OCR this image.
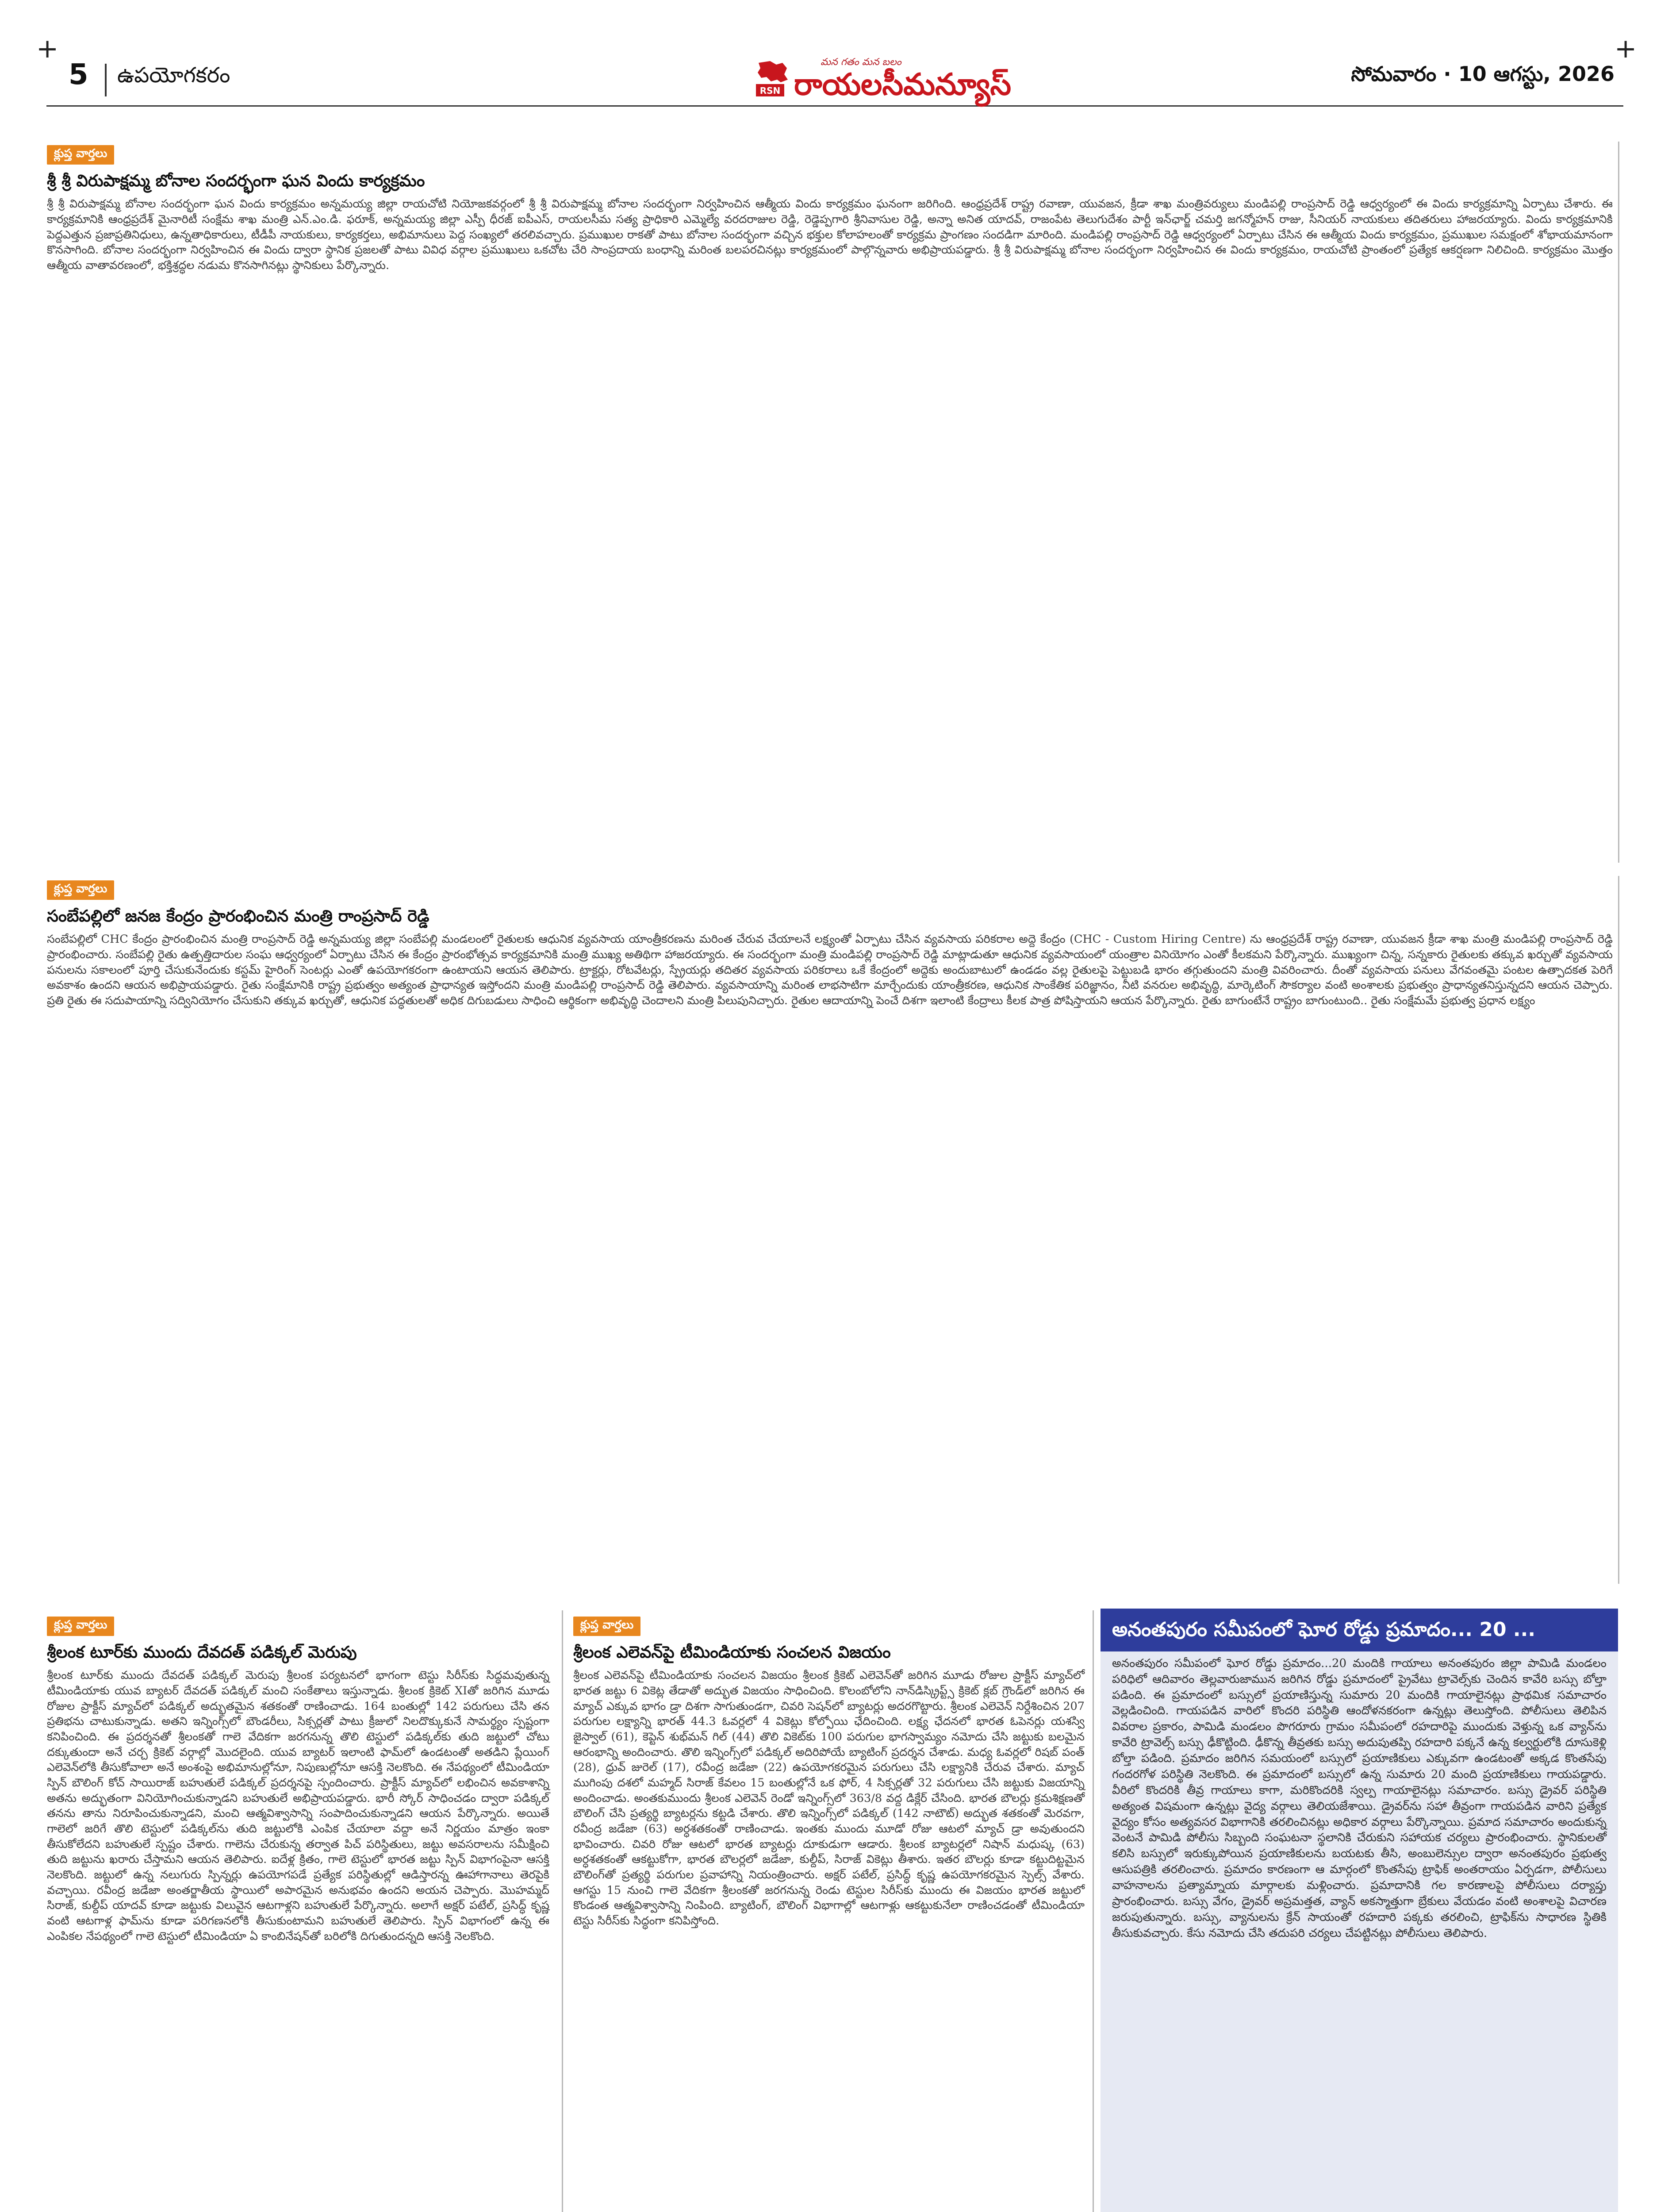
+	+
5 ఉపయోగకరం
RSN
మన గతం మన బలం
రాయలసీమన్యూస్	సోమవారం · 10 ఆగస్టు, 2026
క్లుప్త వార్తలు
శ్రీ శ్రీ విరుపాక్షమ్మ బోనాల సందర్భంగా ఘన విందు కార్యక్రమం

శ్రీ శ్రీ విరుపాక్షమ్మ బోనాల సందర్భంగా ఘన విందు కార్యక్రమం అన్నమయ్య జిల్లా రాయచోటి నియోజకవర్గంలో శ్రీ శ్రీ విరుపాక్షమ్మ బోనాల సందర్భంగా నిర్వహించిన ఆత్మీయ విందు కార్యక్రమం ఘనంగా జరిగింది. ఆంధ్రప్రదేశ్ రాష్ట్ర రవాణా, యువజన, క్రీడా శాఖ మంత్రివర్యులు మండిపల్లి రాంప్రసాద్ రెడ్డి ఆధ్వర్యంలో ఈ విందు కార్యక్రమాన్ని ఏర్పాటు చేశారు. ఈ కార్యక్రమానికి ఆంధ్రప్రదేశ్ మైనారిటీ సంక్షేమ శాఖ మంత్రి ఎన్.ఎం.డి. ఫరూక్, అన్నమయ్య జిల్లా ఎస్పీ ధీరజ్ ఐపీఎస్, రాయలసీమ సత్య ప్రాధికారి ఎమ్మెల్యే వరదరాజుల రెడ్డి, రెడ్డెప్పగారి శ్రీనివాసుల రెడ్డి, అన్నా అనిత యాదవ్, రాజంపేట తెలుగుదేశం పార్టీ ఇన్‌ఛార్జ్ చమర్తి జగన్మోహన్ రాజు, సీనియర్ నాయకులు తదితరులు హాజరయ్యారు. విందు కార్యక్రమానికి పెద్దఎత్తున ప్రజాప్రతినిధులు, ఉన్నతాధికారులు, టీడీపీ నాయకులు, కార్యకర్తలు, అభిమానులు పెద్ద సంఖ్యలో తరలివచ్చారు. ప్రముఖుల రాకతో పాటు బోనాల సందర్భంగా వచ్చిన భక్తుల కోలాహలంతో కార్యక్రమ ప్రాంగణం సందడిగా మారింది. మండిపల్లి రాంప్రసాద్ రెడ్డి ఆధ్వర్యంలో ఏర్పాటు చేసిన ఈ ఆత్మీయ విందు కార్యక్రమం, ప్రముఖుల సమక్షంలో శోభాయమానంగా కొనసాగింది. బోనాల సందర్భంగా నిర్వహించిన ఈ విందు ద్వారా స్థానిక ప్రజలతో పాటు వివిధ వర్గాల ప్రముఖులు ఒకచోట చేరి సాంప్రదాయ బంధాన్ని మరింత బలపరచినట్లు కార్యక్రమంలో పాల్గొన్నవారు అభిప్రాయపడ్డారు. శ్రీ శ్రీ విరుపాక్షమ్మ బోనాల సందర్భంగా నిర్వహించిన ఈ విందు కార్యక్రమం, రాయచోటి ప్రాంతంలో ప్రత్యేక ఆకర్షణగా నిలిచింది. కార్యక్రమం మొత్తం ఆత్మీయ వాతావరణంలో, భక్తిశ్రద్ధల నడుమ కొనసాగినట్లు స్థానికులు పేర్కొన్నారు.

క్లుప్త వార్తలు
సంబేపల్లిలో జనజ కేంద్రం ప్రారంభించిన మంత్రి రాంప్రసాద్ రెడ్డి

సంబేపల్లిలో CHC కేంద్రం ప్రారంభించిన మంత్రి రాంప్రసాద్ రెడ్డి అన్నమయ్య జిల్లా సంబేపల్లి మండలంలో రైతులకు ఆధునిక వ్యవసాయ యాంత్రీకరణను మరింత చేరువ చేయాలనే లక్ష్యంతో ఏర్పాటు చేసిన వ్యవసాయ పరికరాల అద్దె కేంద్రం (CHC - Custom Hiring Centre) ను ఆంధ్రప్రదేశ్ రాష్ట్ర రవాణా, యువజన క్రీడా శాఖ మంత్రి మండిపల్లి రాంప్రసాద్ రెడ్డి ప్రారంభించారు. సంబేపల్లి రైతు ఉత్పత్తిదారుల సంఘ ఆధ్వర్యంలో ఏర్పాటు చేసిన ఈ కేంద్రం ప్రారంభోత్సవ కార్యక్రమానికి మంత్రి ముఖ్య అతిథిగా హాజరయ్యారు. ఈ సందర్భంగా మంత్రి మండిపల్లి రాంప్రసాద్ రెడ్డి మాట్లాడుతూ ఆధునిక వ్యవసాయంలో యంత్రాల వినియోగం ఎంతో కీలకమని పేర్కొన్నారు. ముఖ్యంగా చిన్న, సన్నకారు రైతులకు తక్కువ ఖర్చుతో వ్యవసాయ పనులను సకాలంలో పూర్తి చేసుకునేందుకు కస్టమ్ హైరింగ్ సెంటర్లు ఎంతో ఉపయోగకరంగా ఉంటాయని ఆయన తెలిపారు. ట్రాక్టర్లు, రోటవేటర్లు, స్ప్రేయర్లు తదితర వ్యవసాయ పరికరాలు ఒకే కేంద్రంలో అద్దెకు అందుబాటులో ఉండడం వల్ల రైతులపై పెట్టుబడి భారం తగ్గుతుందని మంత్రి వివరించారు. దీంతో వ్యవసాయ పనులు వేగవంతమై పంటల ఉత్పాదకత పెరిగే అవకాశం ఉందని ఆయన అభిప్రాయపడ్డారు. రైతు సంక్షేమానికి రాష్ట్ర ప్రభుత్వం అత్యంత ప్రాధాన్యత ఇస్తోందని మంత్రి మండిపల్లి రాంప్రసాద్ రెడ్డి తెలిపారు. వ్యవసాయాన్ని మరింత లాభసాటిగా మార్చేందుకు యాంత్రీకరణ, ఆధునిక సాంకేతిక పరిజ్ఞానం, నీటి వనరుల అభివృద్ధి, మార్కెటింగ్ సౌకర్యాల వంటి అంశాలకు ప్రభుత్వం ప్రాధాన్యతనిస్తున్నదని ఆయన చెప్పారు. ప్రతి రైతు ఈ సదుపాయాన్ని సద్వినియోగం చేసుకుని తక్కువ ఖర్చుతో, ఆధునిక పద్ధతులతో అధిక దిగుబడులు సాధించి ఆర్థికంగా అభివృద్ధి చెందాలని మంత్రి పిలుపునిచ్చారు. రైతుల ఆదాయాన్ని పెంచే దిశగా ఇలాంటి కేంద్రాలు కీలక పాత్ర పోషిస్తాయని ఆయన పేర్కొన్నారు. రైతు బాగుంటేనే రాష్ట్రం బాగుంటుంది.. రైతు సంక్షేమమే ప్రభుత్వ ప్రధాన లక్ష్యం

క్లుప్త వార్తలు
శ్రీలంక టూర్‌కు ముందు దేవదత్ పడిక్కల్ మెరుపు

శ్రీలంక టూర్‌కు ముందు దేవదత్ పడిక్కల్ మెరుపు శ్రీలంక పర్యటనలో భాగంగా టెస్టు సిరీస్‌కు సిద్ధమవుతున్న టీమిండియాకు యువ బ్యాటర్ దేవదత్ పడిక్కల్ మంచి సంకేతాలు ఇస్తున్నాడు. శ్రీలంక క్రికెట్ XIతో జరిగిన మూడు రోజుల ప్రాక్టీస్ మ్యాచ్‌లో పడిక్కల్ అద్భుతమైన శతకంతో రాణించాడు. 164 బంతుల్లో 142 పరుగులు చేసి తన ప్రతిభను చాటుకున్నాడు. అతని ఇన్నింగ్స్‌లో బౌండరీలు, సిక్సర్లతో పాటు క్రీజులో నిలదొక్కుకునే సామర్థ్యం స్పష్టంగా కనిపించింది. ఈ ప్రదర్శనతో శ్రీలంకతో గాలె వేదికగా జరగనున్న తొలి టెస్టులో పడిక్కల్‌కు తుది జట్టులో చోటు దక్కుతుందా అనే చర్చ క్రికెట్ వర్గాల్లో మొదలైంది. యువ బ్యాటర్ ఇలాంటి ఫామ్‌లో ఉండటంతో అతడిని ప్లేయింగ్ ఎలెవెన్‌లోకి తీసుకోవాలా అనే అంశంపై అభిమానుల్లోనూ, నిపుణుల్లోనూ ఆసక్తి నెలకొంది. ఈ నేపథ్యంలో టీమిండియా స్పిన్ బౌలింగ్ కోచ్ సాయిరాజ్ బహుతులే పడిక్కల్ ప్రదర్శనపై స్పందించారు. ప్రాక్టీస్ మ్యాచ్‌లో లభించిన అవకాశాన్ని అతను అద్భుతంగా వినియోగించుకున్నాడని బహుతులే అభిప్రాయపడ్డారు. భారీ స్కోర్ సాధించడం ద్వారా పడిక్కల్ తనను తాను నిరూపించుకున్నాడని, మంచి ఆత్మవిశ్వాసాన్ని సంపాదించుకున్నాడని ఆయన పేర్కొన్నారు. అయితే గాలెలో జరిగే తొలి టెస్టులో పడిక్కల్‌ను తుది జట్టులోకి ఎంపిక చేయాలా వద్దా అనే నిర్ణయం మాత్రం ఇంకా తీసుకోలేదని బహుతులే స్పష్టం చేశారు. గాలెను చేరుకున్న తర్వాత పిచ్ పరిస్థితులు, జట్టు అవసరాలను సమీక్షించి తుది జట్టును ఖరారు చేస్తామని ఆయన తెలిపారు. ఐదేళ్ల క్రితం, గాలె టెస్టులో భారత జట్టు స్పిన్ విభాగంపైనా ఆసక్తి నెలకొంది. జట్టులో ఉన్న నలుగురు స్పిన్నర్లు ఉపయోగపడే ప్రత్యేక పరిస్థితుల్లో ఆడిస్తారన్న ఊహాగానాలు తెరపైకి వచ్చాయి. రవీంద్ర జడేజా అంతర్జాతీయ స్థాయిలో అపారమైన అనుభవం ఉందని అయన చెప్పారు. మొహమ్మద్ సిరాజ్, కుల్దీప్ యాదవ్ కూడా జట్టుకు విలువైన ఆటగాళ్లని బహుతులే పేర్కొన్నారు. అలాగే అక్షర్ పటేల్, ప్రసిద్ధ్ కృష్ణ వంటి ఆటగాళ్ల ఫామ్‌ను కూడా పరిగణనలోకి తీసుకుంటామని బహుతులే తెలిపారు. స్పిన్ విభాగంలో ఉన్న ఈ ఎంపికల నేపథ్యంలో గాలె టెస్టులో టీమిండియా ఏ కాంబినేషన్‌తో బరిలోకి దిగుతుందన్నది ఆసక్తి నెలకొంది.

క్లుప్త వార్తలు
శ్రీలంక ఎలెవన్‌పై టీమిండియాకు సంచలన విజయం

శ్రీలంక ఎలెవన్‌పై టీమిండియాకు సంచలన విజయం శ్రీలంక క్రికెట్ ఎలెవెన్‌తో జరిగిన మూడు రోజుల ప్రాక్టీస్ మ్యాచ్‌లో భారత జట్టు 6 వికెట్ల తేడాతో అద్భుత విజయం సాధించింది. కొలంబోలోని నాన్‌డిస్క్రిప్ట్స్ క్రికెట్ క్లబ్ గ్రౌండ్‌లో జరిగిన ఈ మ్యాచ్ ఎక్కువ భాగం డ్రా దిశగా సాగుతుండగా, చివరి సెషన్‌లో బ్యాటర్లు అదరగొట్టారు. శ్రీలంక ఎలెవెన్ నిర్దేశించిన 207 పరుగుల లక్ష్యాన్ని భారత్ 44.3 ఓవర్లలో 4 వికెట్లు కోల్పోయి ఛేదించింది. లక్ష్య ఛేదనలో భారత ఓపెనర్లు యశస్వి జైస్వాల్ (61), కెప్టెన్ శుభ్‌మన్ గిల్ (44) తొలి వికెట్‌కు 100 పరుగుల భాగస్వామ్యం నమోదు చేసి జట్టుకు బలమైన ఆరంభాన్ని అందించారు. తొలి ఇన్నింగ్స్‌లో పడిక్కల్ అదిరిపోయే బ్యాటింగ్ ప్రదర్శన చేశాడు. మధ్య ఓవర్లలో రిషబ్ పంత్ (28), ధ్రువ్ జురెల్ (17), రవీంద్ర జడేజా (22) ఉపయోగకరమైన పరుగులు చేసి లక్ష్యానికి చేరువ చేశారు. మ్యాచ్ ముగింపు దశలో మహ్మద్ సిరాజ్ కేవలం 15 బంతుల్లోనే ఒక ఫోర్, 4 సిక్సర్లతో 32 పరుగులు చేసి జట్టుకు విజయాన్ని అందించాడు. అంతకుముందు శ్రీలంక ఎలెవెన్ రెండో ఇన్నింగ్స్‌లో 363/8 వద్ద డిక్లేర్ చేసింది. భారత బౌలర్లు క్రమశిక్షణతో బౌలింగ్ చేసి ప్రత్యర్థి బ్యాటర్లను కట్టడి చేశారు. తొలి ఇన్నింగ్స్‌లో పడిక్కల్ (142 నాటౌట్) అద్భుత శతకంతో మెరవగా, రవీంద్ర జడేజా (63) అర్ధశతకంతో రాణించాడు. ఇంతకు ముందు మూడో రోజు ఆటలో మ్యాచ్ డ్రా అవుతుందని భావించారు. చివరి రోజు ఆటలో భారత బ్యాటర్లు దూకుడుగా ఆడారు. శ్రీలంక బ్యాటర్లలో నిషాన్ మధుష్క (63) అర్ధశతకంతో ఆకట్టుకోగా, భారత బౌలర్లలో జడేజా, కుల్దీప్, సిరాజ్ వికెట్లు తీశారు. ఇతర బౌలర్లు కూడా కట్టుదిట్టమైన బౌలింగ్‌తో ప్రత్యర్థి పరుగుల ప్రవాహాన్ని నియంత్రించారు. అక్షర్ పటేల్, ప్రసిద్ధ్ కృష్ణ ఉపయోగకరమైన స్పెల్స్ వేశారు. ఆగస్టు 15 నుంచి గాలె వేదికగా శ్రీలంకతో జరగనున్న రెండు టెస్టుల సిరీస్‌కు ముందు ఈ విజయం భారత జట్టులో కొండంత ఆత్మవిశ్వాసాన్ని నింపింది. బ్యాటింగ్, బౌలింగ్ విభాగాల్లో ఆటగాళ్లు ఆకట్టుకునేలా రాణించడంతో టీమిండియా టెస్టు సిరీస్‌కు సిద్ధంగా కనిపిస్తోంది.

అనంతపురం సమీపంలో ఘోర రోడ్డు ప్రమాదం... 20 ...

అనంతపురం సమీపంలో ఘోర రోడ్డు ప్రమాదం...20 మందికి గాయాలు అనంతపురం జిల్లా పామిడి మండలం పరిధిలో ఆదివారం తెల్లవారుజామున జరిగిన రోడ్డు ప్రమాదంలో ప్రైవేటు ట్రావెల్స్‌కు చెందిన కావేరి బస్సు బోల్తా పడింది. ఈ ప్రమాదంలో బస్సులో ప్రయాణిస్తున్న సుమారు 20 మందికి గాయాలైనట్లు ప్రాథమిక సమాచారం వెల్లడించింది. గాయపడిన వారిలో కొందరి పరిస్థితి ఆందోళనకరంగా ఉన్నట్లు తెలుస్తోంది. పోలీసులు తెలిపిన వివరాల ప్రకారం, పామిడి మండలం పొగరూరు గ్రామం సమీపంలో రహదారిపై ముందుకు వెళ్తున్న ఒక వ్యాన్‌ను కావేరి ట్రావెల్స్ బస్సు ఢీకొట్టింది. ఢీకొన్న తీవ్రతకు బస్సు అదుపుతప్పి రహదారి పక్కనే ఉన్న కల్వర్టులోకి దూసుకెళ్లి బోల్తా పడింది. ప్రమాదం జరిగిన సమయంలో బస్సులో ప్రయాణికులు ఎక్కువగా ఉండటంతో అక్కడ కొంతసేపు గందరగోళ పరిస్థితి నెలకొంది. ఈ ప్రమాదంలో బస్సులో ఉన్న సుమారు 20 మంది ప్రయాణికులు గాయపడ్డారు. వీరిలో కొందరికి తీవ్ర గాయాలు కాగా, మరికొందరికి స్వల్ప గాయాలైనట్లు సమాచారం. బస్సు డ్రైవర్ పరిస్థితి అత్యంత విషమంగా ఉన్నట్లు వైద్య వర్గాలు తెలియజేశాయి. డ్రైవర్‌ను సహా తీవ్రంగా గాయపడిన వారిని ప్రత్యేక వైద్యం కోసం అత్యవసర విభాగానికి తరలించినట్లు అధికార వర్గాలు పేర్కొన్నాయి. ప్రమాద సమాచారం అందుకున్న వెంటనే పామిడి పోలీసు సిబ్బంది సంఘటనా స్థలానికి చేరుకుని సహాయక చర్యలు ప్రారంభించారు. స్థానికులతో కలిసి బస్సులో ఇరుక్కుపోయిన ప్రయాణికులను బయటకు తీసి, అంబులెన్సుల ద్వారా అనంతపురం ప్రభుత్వ ఆసుపత్రికి తరలించారు. ప్రమాదం కారణంగా ఆ మార్గంలో కొంతసేపు ట్రాఫిక్ అంతరాయం ఏర్పడగా, పోలీసులు వాహనాలను ప్రత్యామ్నాయ మార్గాలకు మళ్లించారు. ప్రమాదానికి గల కారణాలపై పోలీసులు దర్యాప్తు ప్రారంభించారు. బస్సు వేగం, డ్రైవర్ అప్రమత్తత, వ్యాన్ అకస్మాత్తుగా బ్రేకులు వేయడం వంటి అంశాలపై విచారణ జరుపుతున్నారు. బస్సు, వ్యానులను క్రేన్ సాయంతో రహదారి పక్కకు తరలించి, ట్రాఫిక్‌ను సాధారణ స్థితికి తీసుకువచ్చారు. కేసు నమోదు చేసి తదుపరి చర్యలు చేపట్టినట్లు పోలీసులు తెలిపారు.
